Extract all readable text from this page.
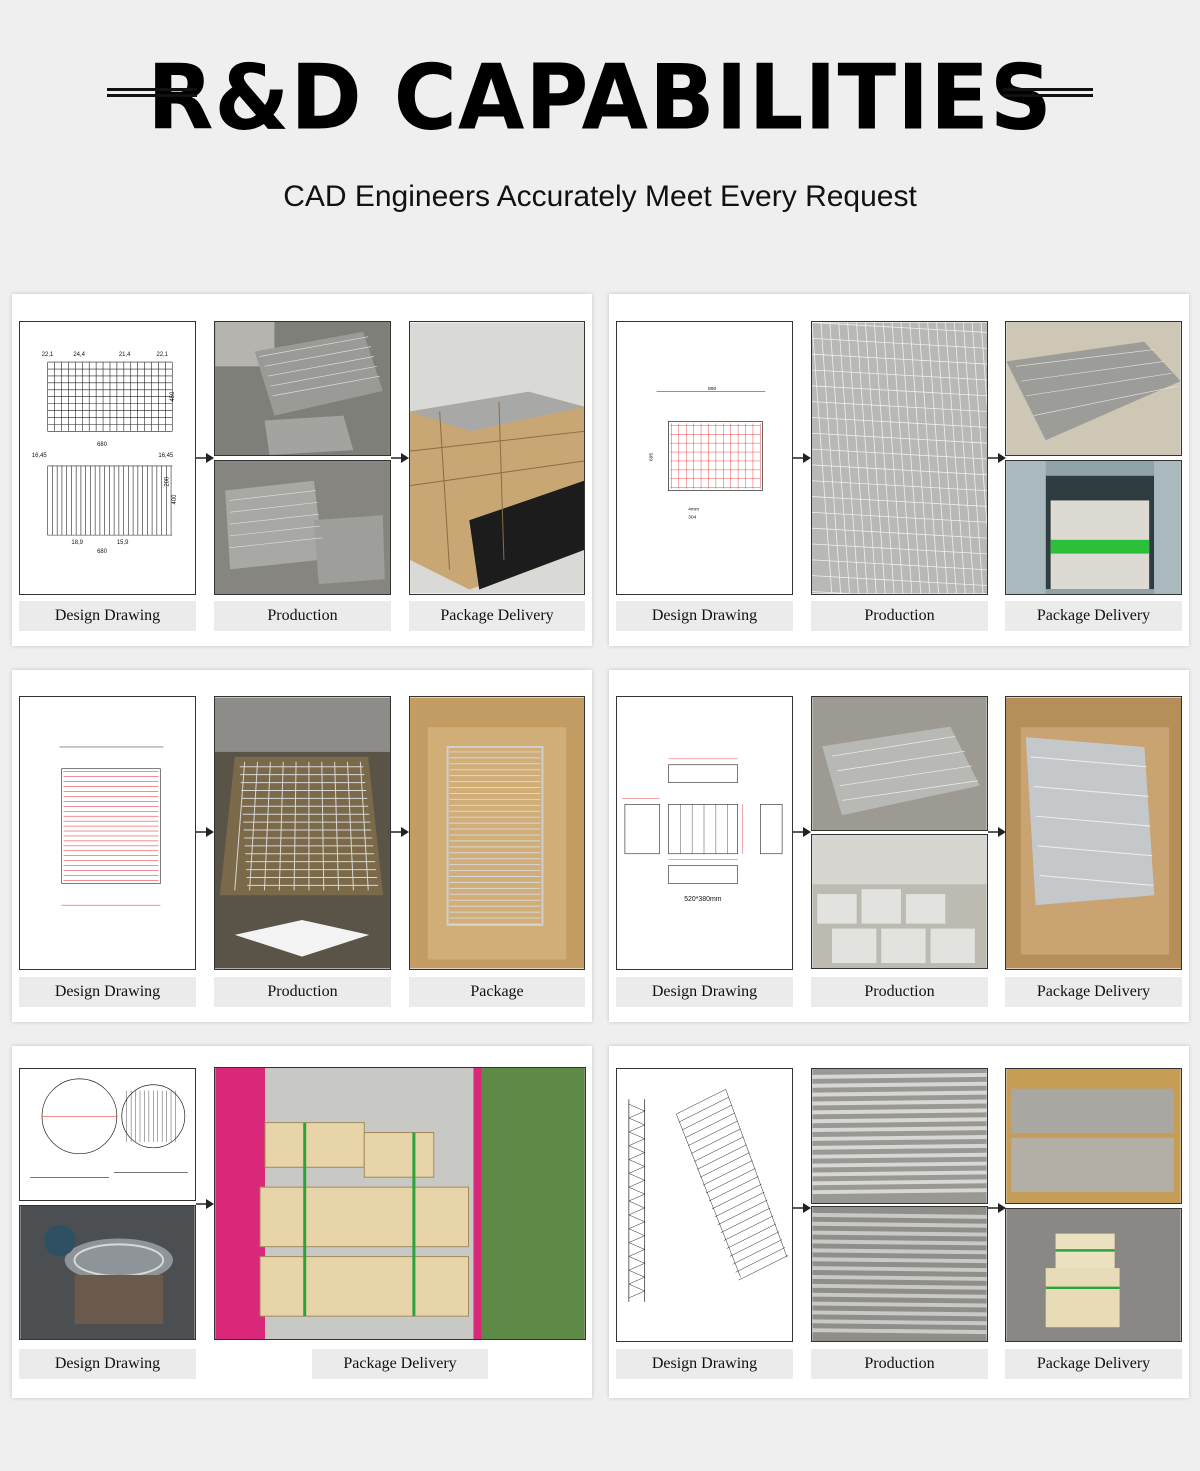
R&D CAPABILITIES
CAD Engineers Accurately Meet Every Request
22,1	24,4	21,4	22,1
680
16,45	16,45
18,9	15,9
680
450
400
200
Design Drawing	Production	Package Delivery
890
695
4mm
304
Design Drawing	Production	Package Delivery
Design Drawing	Production	Package
520*380mm
Design Drawing	Production	Package Delivery
Design Drawing	Package Delivery	Design Drawing	Production	Package Delivery
